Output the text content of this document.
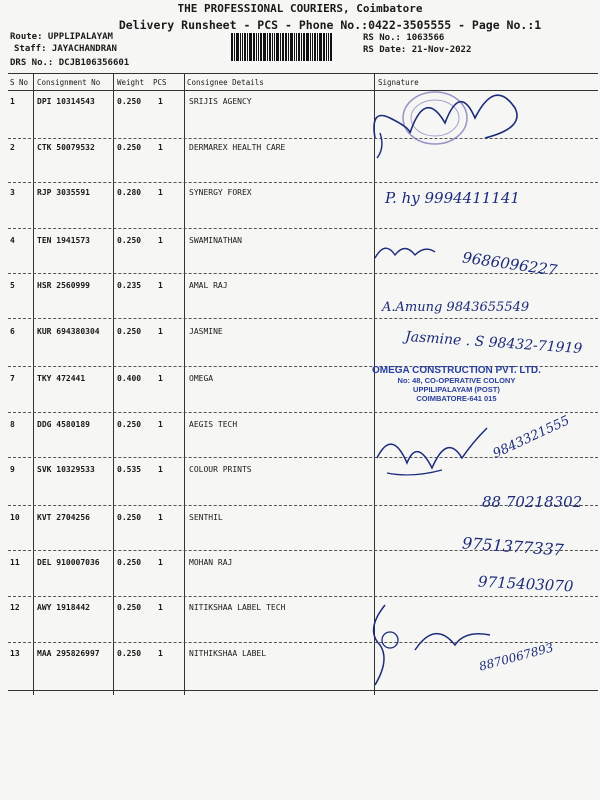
THE PROFESSIONAL COURIERS, Coimbatore
Delivery Runsheet - PCS - Phone No.:0422-3505555 - Page No.:1
Route: UPPLIPALAYAM
Staff: JAYACHANDRAN
DRS No.: DCJB106356601
RS No.: 1063566
RS Date: 21-Nov-2022
S No Consignment No Weight PCS	Consignee Details	Signature
1	DPI 10314543	0.250 1	SRIJIS AGENCY
2	CTK 50079532	0.250 1	DERMAREX HEALTH CARE
3	RJP 3035591	0.280 1	SYNERGY FOREX
4	TEN 1941573	0.250 1	SWAMINATHAN
5	HSR 2560999	0.235 1	AMAL RAJ
6	KUR 694380304 0.250 1	JASMINE
7	TKY 472441	0.400 1	OMEGA
8	DDG 4580189	0.250 1	AEGIS TECH
9	SVK 10329533	0.535 1	COLOUR PRINTS
10 KVT 2704256	0.250 1	SENTHIL
11 DEL 910007036 0.250 1	MOHAN RAJ
12 AWY 1918442	0.250 1	NITIKSHAA LABEL TECH
13 MAA 295826997 0.250 1	NITHIKSHAA LABEL
P. hy 9994411141
9686096227
A.Amung 9843655549
Jasmine . S 98432-71919
9843321555
88 70218302
9751377337
9715403070
8870067893
OMEGA CONSTRUCTION PVT. LTD.
No: 48, CO-OPERATIVE COLONY
UPPILIPALAYAM (POST)
COIMBATORE-641 015
